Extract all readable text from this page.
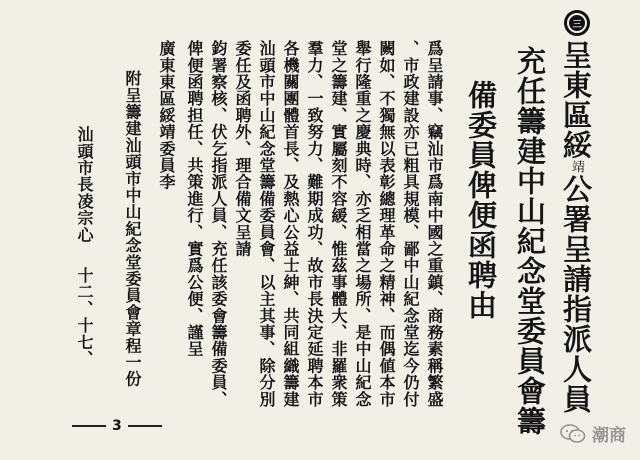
三
呈東區綏靖公署呈請指派人員
充任籌建中山紀念堂委員會籌
備委員俾便函聘由
爲呈請事、竊汕市爲南中國之重鎮、商務素稱繁盛
、市政建設亦已粗具規模、鄙中山紀念堂迄今仍付
闕如、不獨無以表彰總理革命之精神、而偶値本市
舉行隆重之慶典時、亦乏相當之場所、是中山紀念
堂之籌建、實屬刻不容緩、惟茲事體大、非羅衆策
羣力、一致努力、難期成功、故市長決定延聘本市
各機關團體首長、及熱心公益士紳、共同組織籌建
汕頭市中山紀念堂籌備委員會、以主其事、除分別
委任及函聘外、理合備文呈請
鈞署察核、伏乞指派人員、充任該委會籌備委員、
俾便函聘担任、共策進行、實爲公便、謹呈
廣東東區綏靖委員李
附呈籌建汕頭市中山紀念堂委員會章程一份
汕頭市長凌宗心十二、十七、
3	潮商
